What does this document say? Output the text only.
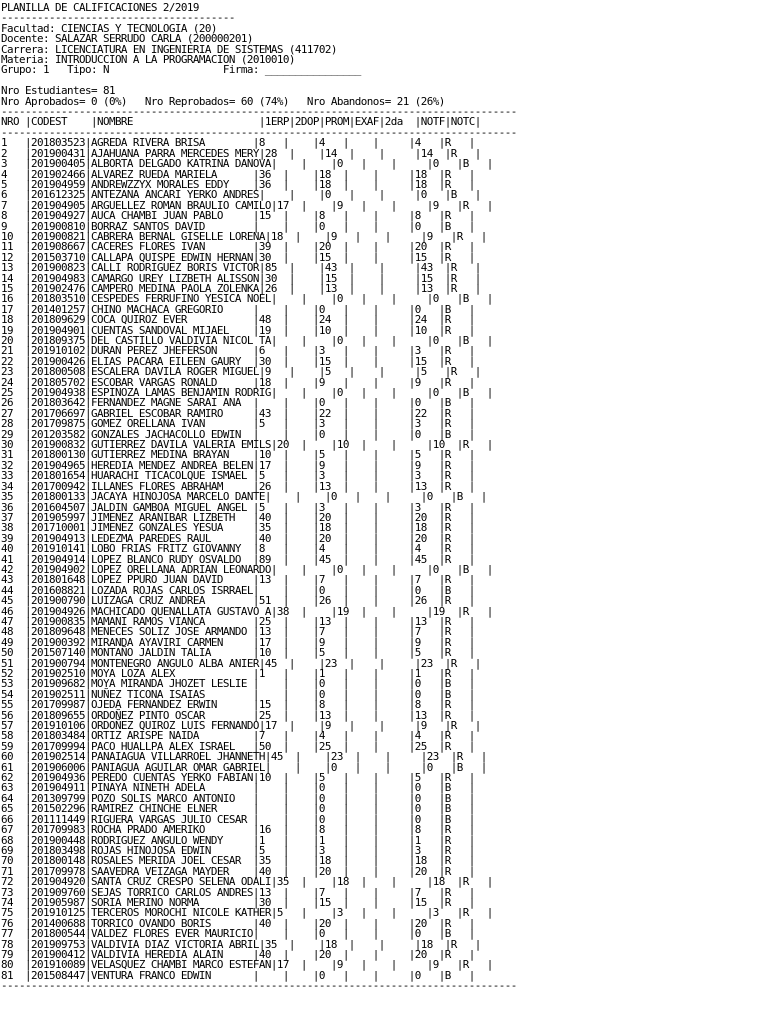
PLANILLA DE CALIFICACIONES 2/2019
---------------------------------------
Facultad: CIENCIAS Y TECNOLOGIA (20)
Docente: SALAZAR SERRUDO CARLA (200000201)
Carrera: LICENCIATURA EN INGENIERIA DE SISTEMAS (411702)
Materia: INTRODUCCION A LA PROGRAMACION (2010010)
Grupo: 1   Tipo: N                   Firma: ________________
Nro Estudiantes= 81
Nro Aprobados= 0 (0%)   Nro Reprobados= 60 (74%)   Nro Abandonos= 21 (26%)
--------------------------------------------------------------------------------------
NRO |CODEST    |NOMBRE                     |1ERP|2DOP|PROM|EXAF|2da  |NOTF|NOTC|
--------------------------------------------------------------------------------------
1   |201803523|AGREDA RIVERA BRISA        |8   |    |4   |    |     |4   |R   |
2   |201900431|AJAHUANA PARRA MERCEDES MERY|28  |    |14  |    |     |14  |R   |
3   |201900405|ALBORTA DELGADO KATRINA DANOVA|    |    |0   |    |     |0   |B   |
4   |201902466|ALVAREZ RUEDA MARIELA      |36  |    |18  |    |     |18  |R   |
5   |201904959|ANDREWZZYX MORALES EDDY    |36  |    |18  |    |     |18  |R   |
6   |201612325|ANTEZANA ANCARI YERKO ANDRES|    |    |0   |    |     |0   |B   |
7   |201904905|ARGUELLEZ ROMAN BRAULIO CAMILO|17  |    |9   |    |     |9   |R   |
8   |201904927|AUCA CHAMBI JUAN PABLO     |15  |    |8   |    |     |8   |R   |
9   |201900810|BORRAZ SANTOS DAVID        |    |    |0   |    |     |0   |B   |
10  |201900821|CABRERA BERNAL GISELLE LORENA|18  |    |9   |    |     |9   |R   |
11  |201908667|CACERES FLORES IVAN        |39  |    |20  |    |     |20  |R   |
12  |201503710|CALLAPA QUISPE EDWIN HERNAN|30  |    |15  |    |     |15  |R   |
13  |201900823|CALLI RODRIGUEZ BORIS VICTOR|85  |    |43  |    |     |43  |R   |
14  |201904983|CAMARGO UREY LIZBETH ALISSON|30  |    |15  |    |     |15  |R   |
15  |201902476|CAMPERO MEDINA PAOLA ZOLENKA|26  |    |13  |    |     |13  |R   |
16  |201803510|CESPEDES FERRUFINO YESICA NOEL|    |    |0   |    |     |0   |B   |
17  |201401257|CHINO MACHACA GREGORIO     |    |    |0   |    |     |0   |B   |
18  |201809629|COCA QUIROZ EVER           |48  |    |24  |    |     |24  |R   |
19  |201904901|CUENTAS SANDOVAL MIJAEL    |19  |    |10  |    |     |10  |R   |
20  |201809375|DEL CASTILLO VALDIVIA NICOL TA|    |    |0   |    |     |0   |B   |
21  |201910102|DURAN PEREZ JHEFERSON      |6   |    |3   |    |     |3   |R   |
22  |201900426|ELIAS PACARA EILEEN GAURY  |30  |    |15  |    |     |15  |R   |
23  |201800508|ESCALERA DAVILA ROGER MIGUEL|9   |    |5   |    |     |5   |R   |
24  |201805702|ESCOBAR VARGAS RONALD      |18  |    |9   |    |     |9   |R   |
25  |201904938|ESPINOZA LAMAS BENJAMIN RODRIG|    |    |0   |    |     |0   |B   |
26  |201803642|FERNANDEZ MAGNE SARAI ANA  |    |    |0   |    |     |0   |B   |
27  |201706697|GABRIEL ESCOBAR RAMIRO     |43  |    |22  |    |     |22  |R   |
28  |201709875|GOMEZ ORELLANA IVAN        |5   |    |3   |    |     |3   |R   |
29  |201203582|GONZALES JACHACOLLO EDWIN  |    |    |0   |    |     |0   |B   |
30  |201900832|GUTIERREZ DAVILA VALERIA EMILS|20  |    |10  |    |     |10  |R   |
31  |201800130|GUTIERREZ MEDINA BRAYAN    |10  |    |5   |    |     |5   |R   |
32  |201904965|HEREDIA MENDEZ ANDREA BELEN|17  |    |9   |    |     |9   |R   |
33  |201801654|HUARACHI TICACOLQUE ISMAEL |5   |    |3   |    |     |3   |R   |
34  |201700942|ILLANES FLORES ABRAHAM     |26  |    |13  |    |     |13  |R   |
35  |201800133|JACAYA HINOJOSA MARCELO DANTE|    |    |0   |    |     |0   |B   |
36  |201604507|JALDIN GAMBOA MIGUEL ANGEL |5   |    |3   |    |     |3   |R   |
37  |201905997|JIMENEZ ARANIBAR LIZBETH   |40  |    |20  |    |     |20  |R   |
38  |201710001|JIMENEZ GONZALES YESUA     |35  |    |18  |    |     |18  |R   |
39  |201904913|LEDEZMA PAREDES RAUL       |40  |    |20  |    |     |20  |R   |
40  |201910141|LOBO FRIAS FRITZ GIOVANNY  |8   |    |4   |    |     |4   |R   |
41  |201904914|LOPEZ BLANCO RUDY OSVALDO  |89  |    |45  |    |     |45  |R   |
42  |201904902|LOPEZ ORELLANA ADRIAN LEONARDO|    |    |0   |    |     |0   |B   |
43  |201801648|LOPEZ PPURO JUAN DAVID     |13  |    |7   |    |     |7   |R   |
44  |201608821|LOZADA ROJAS CARLOS ISRRAEL|    |    |0   |    |     |0   |B   |
45  |201900790|LUIZAGA CRUZ ANDREA        |51  |    |26  |    |     |26  |R   |
46  |201904926|MACHICADO QUENALLATA GUSTAVO A|38  |    |19  |    |     |19  |R   |
47  |201900835|MAMANI RAMOS VIANCA        |25  |    |13  |    |     |13  |R   |
48  |201809648|MENECES SOLIZ JOSE ARMANDO |13  |    |7   |    |     |7   |R   |
49  |201900392|MIRANDA AYAVIRI CARMEN     |17  |    |9   |    |     |9   |R   |
50  |201507140|MONTAÑO JALDIN TALIA       |10  |    |5   |    |     |5   |R   |
51  |201900794|MONTENEGRO ANGULO ALBA ANIER|45  |    |23  |    |     |23  |R   |
52  |201902510|MOYA LOZA ALEX             |1   |    |1   |    |     |1   |R   |
53  |201909682|MOYA MIRANDA JHOZET LESLIE |    |    |0   |    |     |0   |B   |
54  |201902511|NUÑEZ TICONA ISAIAS        |    |    |0   |    |     |0   |B   |
55  |201709987|OJEDA FERNANDEZ ERWIN      |15  |    |8   |    |     |8   |R   |
56  |201809655|ORDOÑEZ PINTO OSCAR        |25  |    |13  |    |     |13  |R   |
57  |201910106|ORDOÑEZ QUIROZ LUIS FERNANDO|17  |    |9   |    |     |9   |R   |
58  |201803484|ORTIZ ARISPE NAIDA         |7   |    |4   |    |     |4   |R   |
59  |201709994|PACO HUALLPA ALEX ISRAEL   |50  |    |25  |    |     |25  |R   |
60  |201902514|PANAIAGUA VILLARROEL JHANNETH|45  |    |23  |    |     |23  |R   |
61  |201906006|PANIAGUA AGUILAR OMAR GABRIEL|    |    |0   |    |     |0   |B   |
62  |201904936|PEREDO CUENTAS YERKO FABIAN|10  |    |5   |    |     |5   |R   |
63  |201904911|PINAYA NINETH ADELA        |    |    |0   |    |     |0   |B   |
64  |201309799|POZO SOLIS MARCO ANTONIO   |    |    |0   |    |     |0   |B   |
65  |201502296|RAMIREZ CHINCHE ELNER      |    |    |0   |    |     |0   |B   |
66  |201111449|RIGUERA VARGAS JULIO CESAR |    |    |0   |    |     |0   |B   |
67  |201709983|ROCHA PRADO AMERIKO        |16  |    |8   |    |     |8   |R   |
68  |201900448|RODRIGUEZ ANGULO WENDY     |1   |    |1   |    |     |1   |R   |
69  |201803498|ROJAS HINOJOSA EDWIN       |5   |    |3   |    |     |3   |R   |
70  |201800148|ROSALES MERIDA JOEL CESAR  |35  |    |18  |    |     |18  |R   |
71  |201709978|SAAVEDRA VEIZAGA MAYDER    |40  |    |20  |    |     |20  |R   |
72  |201904920|SANTA CRUZ CRESPO SELENA ODALI|35  |    |18  |    |     |18  |R   |
73  |201909760|SEJAS TORRICO CARLOS ANDRES|13  |    |7   |    |     |7   |R   |
74  |201905987|SORIA MERINO NORMA         |30  |    |15  |    |     |15  |R   |
75  |201910125|TERCEROS MOROCHI NICOLE KATHER|5   |    |3   |    |     |3   |R   |
76  |201400688|TORRICO OVANDO BORIS       |40  |    |20  |    |     |20  |R   |
77  |201800544|VALDEZ FLORES EVER MAURICIO|    |    |0   |    |     |0   |B   |
78  |201909753|VALDIVIA DIAZ VICTORIA ABRIL|35  |    |18  |    |     |18  |R   |
79  |201900412|VALDIVIA HEREDIA ALAIN     |40  |    |20  |    |     |20  |R   |
80  |201910089|VELASQUEZ CHAMBI MARCO ESTEFAN|17  |    |9   |    |     |9   |R   |
81  |201508447|VENTURA FRANCO EDWIN       |    |    |0   |    |     |0   |B   |
--------------------------------------------------------------------------------------
